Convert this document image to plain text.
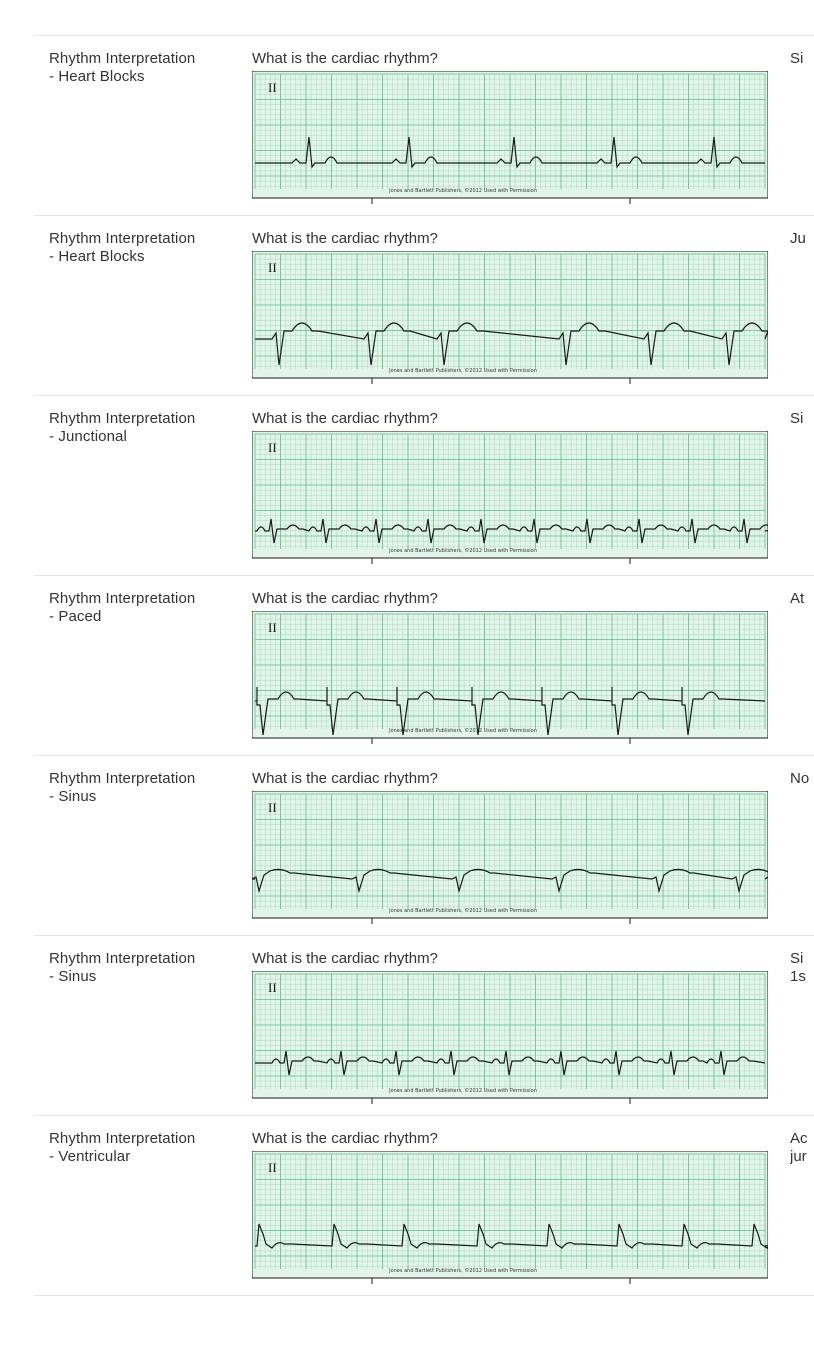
Rhythm Interpretation
- Heart Blocks
What is the cardiac rhythm?
II
Jones and Bartlett Publishers, ©2012 Used with Permission
Si
Rhythm Interpretation
- Heart Blocks
What is the cardiac rhythm?
II
Jones and Bartlett Publishers, ©2012 Used with Permission
Ju
Rhythm Interpretation
- Junctional
What is the cardiac rhythm?
II
Jones and Bartlett Publishers, ©2012 Used with Permission
Si
Rhythm Interpretation
- Paced
What is the cardiac rhythm?
II
Jones and Bartlett Publishers, ©2012 Used with Permission
At
Rhythm Interpretation
- Sinus
What is the cardiac rhythm?
II
Jones and Bartlett Publishers, ©2012 Used with Permission
No
Rhythm Interpretation
- Sinus
What is the cardiac rhythm?
II
Jones and Bartlett Publishers, ©2012 Used with Permission
Si
1s
Rhythm Interpretation
- Ventricular
What is the cardiac rhythm?
II
Jones and Bartlett Publishers, ©2012 Used with Permission
Ac
jur
